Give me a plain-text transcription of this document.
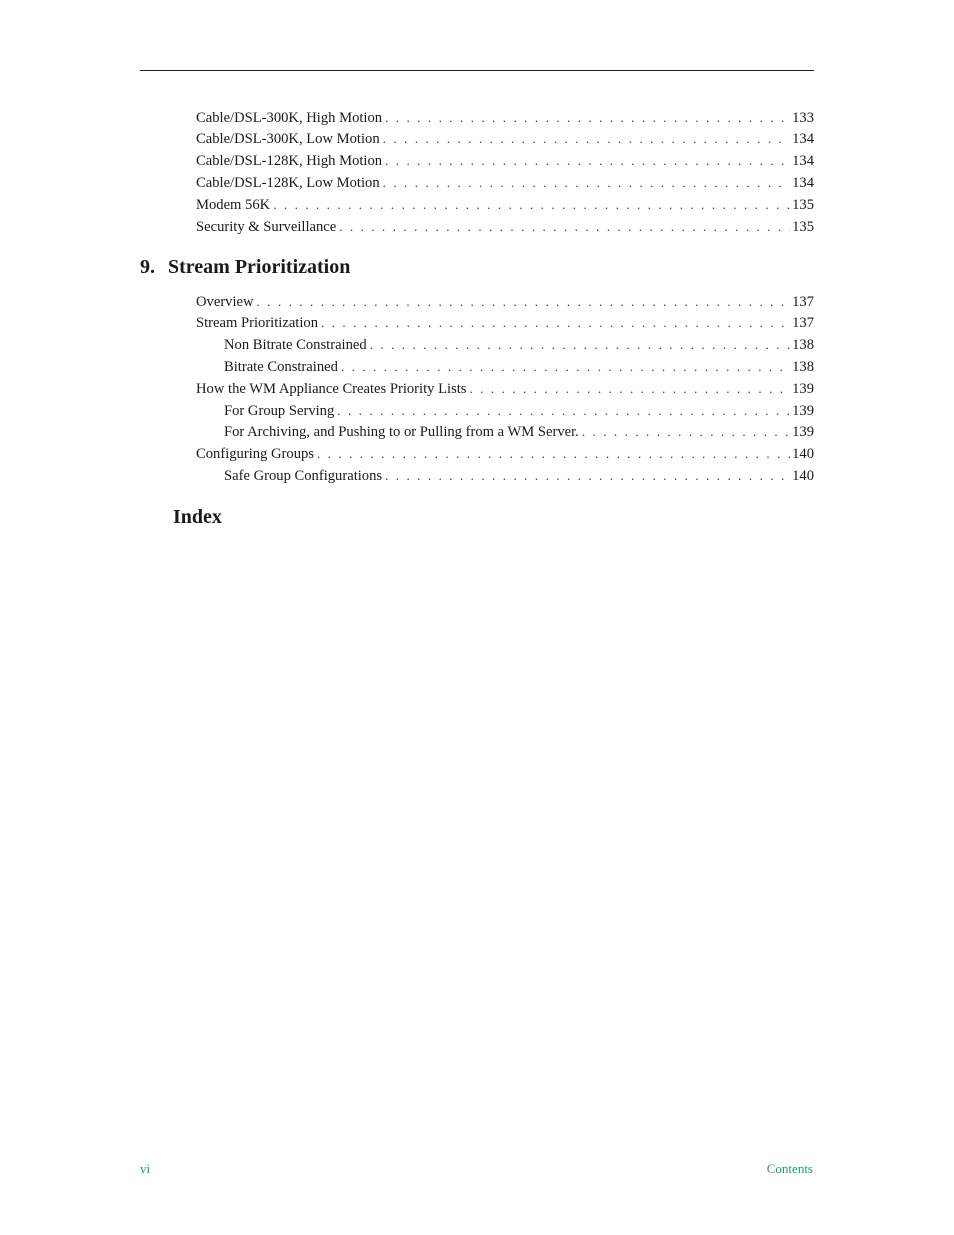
Cable/DSL-300K, High Motion . . .	133
Cable/DSL-300K, Low Motion . . .	134
Cable/DSL-128K, High Motion . . .	134
Cable/DSL-128K, Low Motion . . .	134
Modem 56K . . .	135
Security & Surveillance . . .	135
9. Stream Prioritization
Overview . . .	137
Stream Prioritization . . .	137
Non Bitrate Constrained . . .	138
Bitrate Constrained . . .	138
How the WM Appliance Creates Priority Lists . . .	139
For Group Serving . . .	139
For Archiving, and Pushing to or Pulling from a WM Server. . . .	139
Configuring Groups . . .	140
Safe Group Configurations . . .	140
Index
vi	Contents
